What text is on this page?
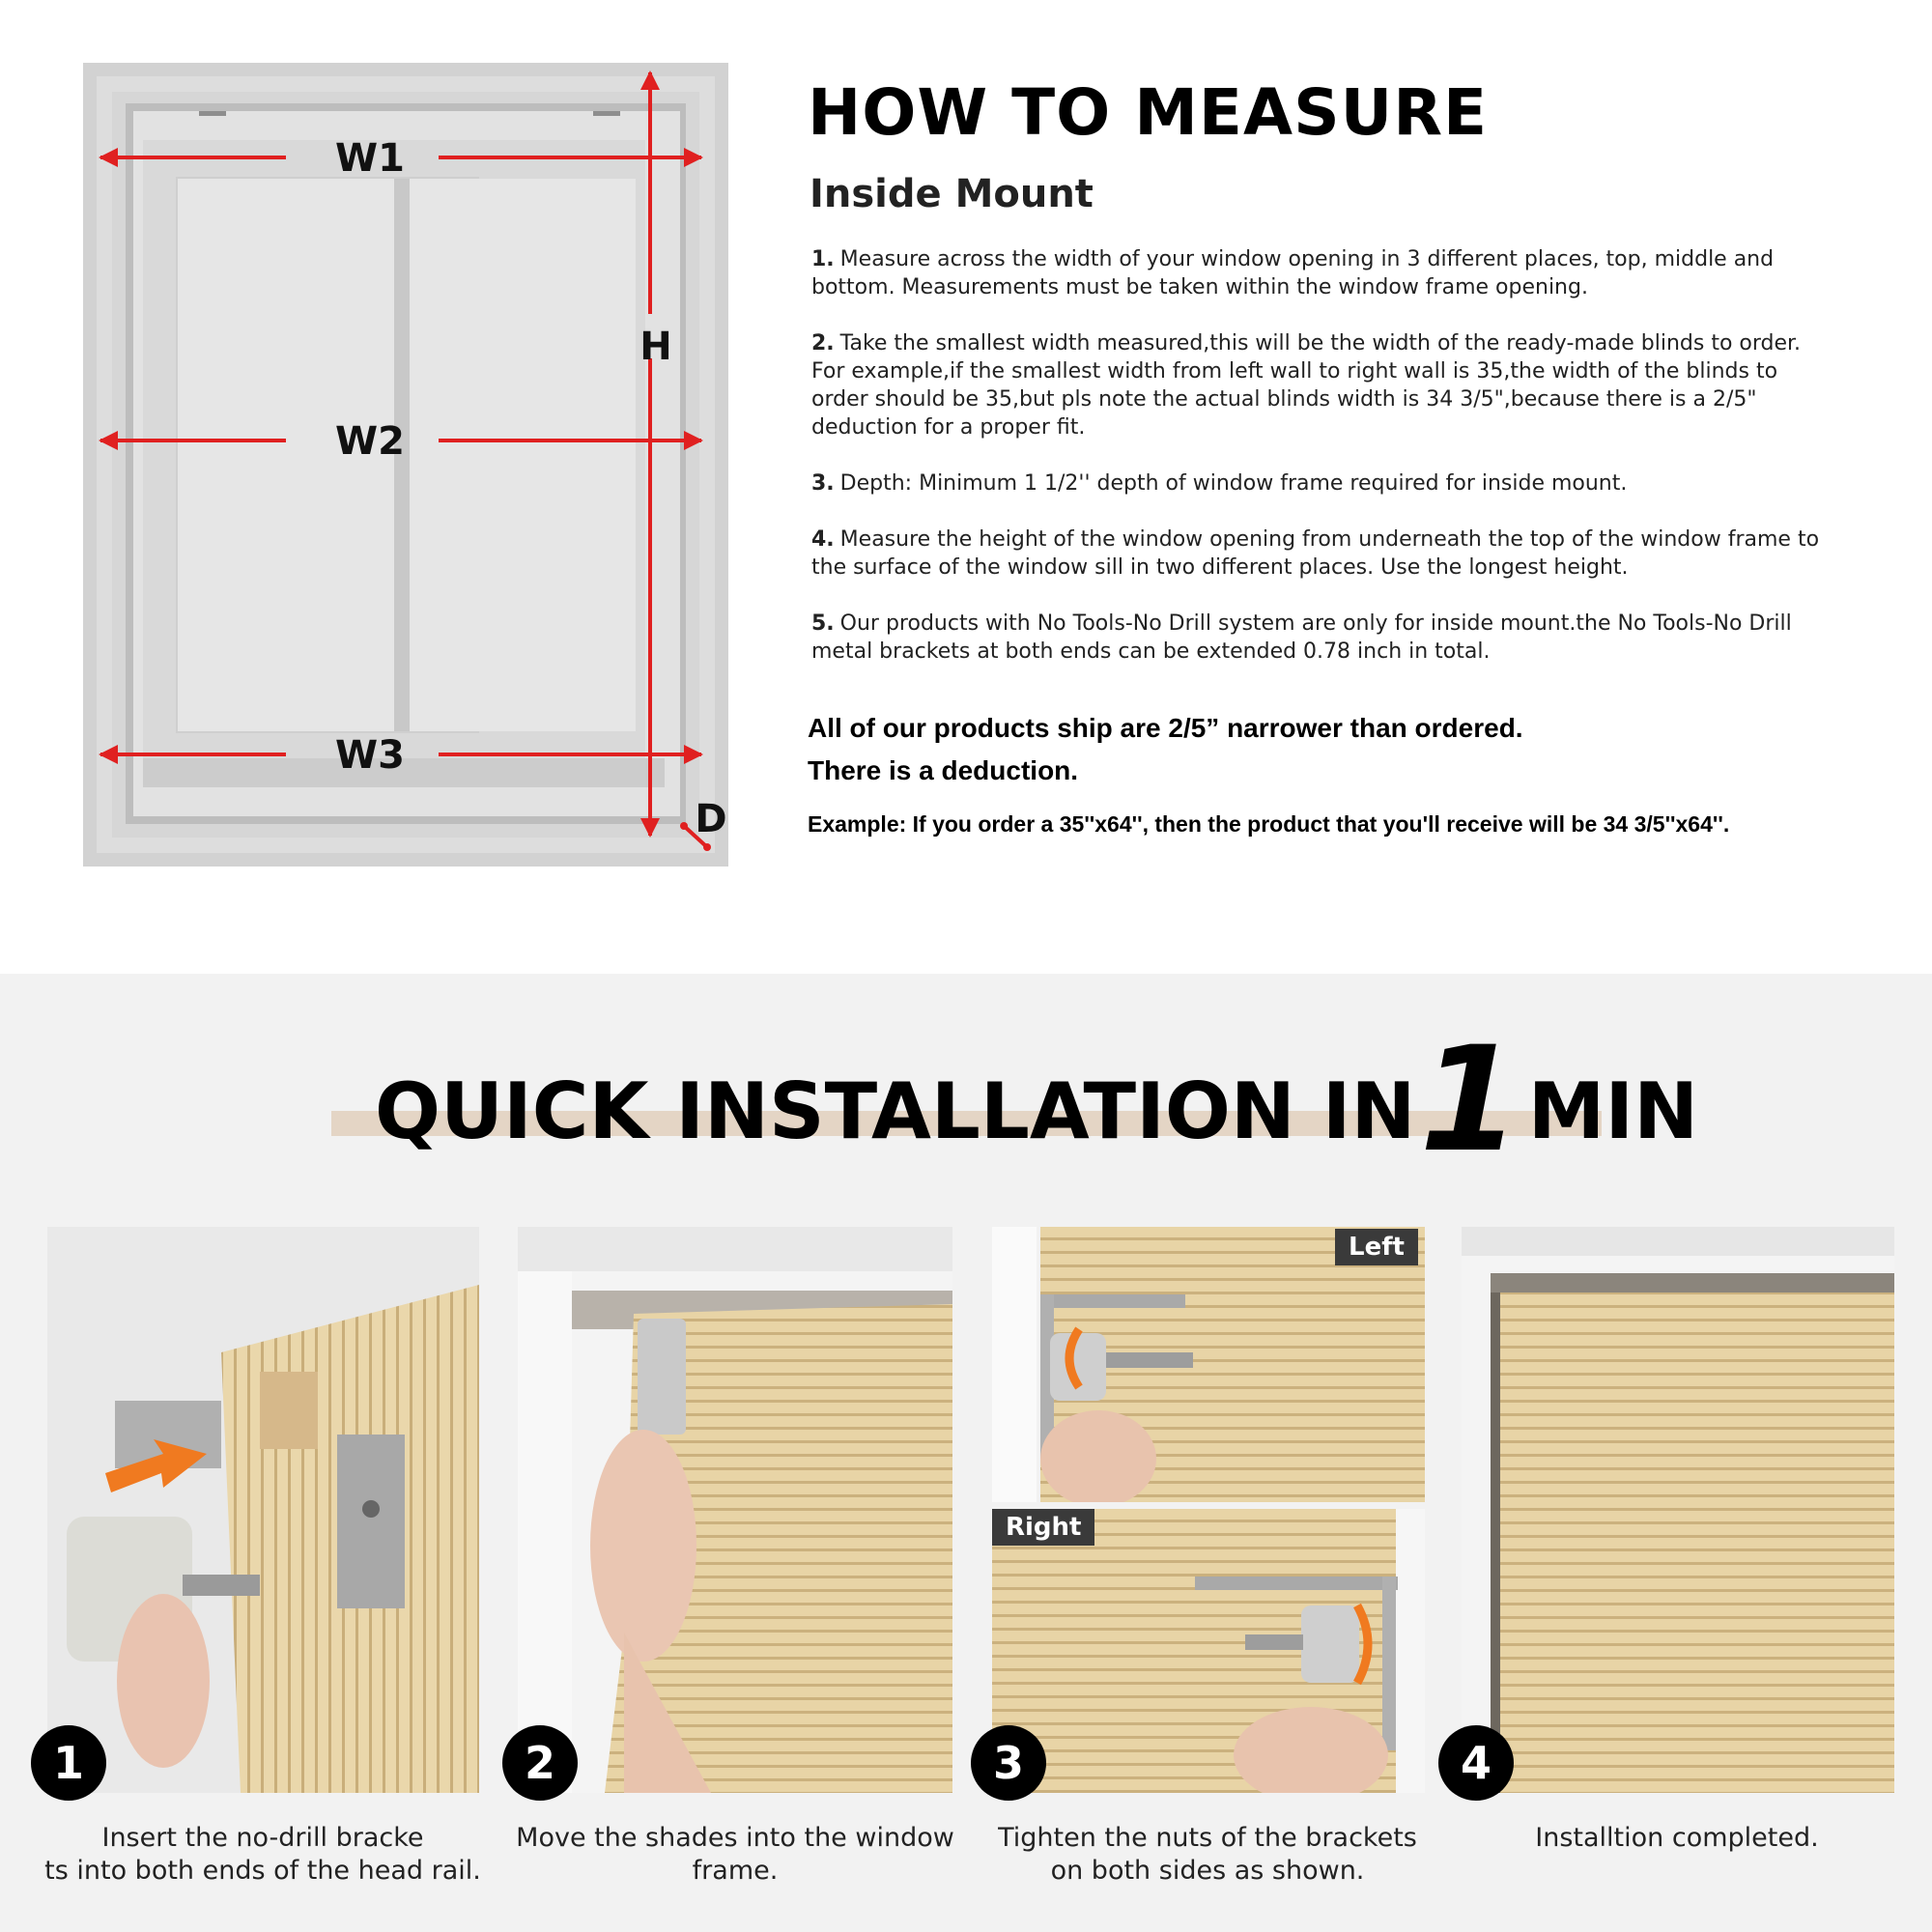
W1
W2
W3
H
D
HOW TO MEASURE
Inside Mount
1. Measure across the width of your window opening in 3 different places, top, middle and bottom. Measurements must be taken within the window frame opening.
2. Take the smallest width measured,this will be the width of the ready-made blinds to order. For example,if the smallest width from left wall to right wall is 35,the width of the blinds to order should be 35,but pls note the actual blinds width is 34 3/5",because there is a 2/5" deduction for a proper fit.
3. Depth: Minimum 1 1/2'' depth of window frame required for inside mount.
4. Measure the height of the window opening from underneath the top of the window frame to the surface of the window sill in two different places. Use the longest height.
5. Our products with No Tools-No Drill system are only for inside mount.the No Tools-No Drill metal brackets at both ends can be extended 0.78 inch in total.

All of our products ship are 2/5” narrower than ordered.

There is a deduction.

Example: If you order a 35''x64'', then the product that you'll receive will be 34 3/5''x64''.

QUICK INSTALLATION IN1 MIN
Left
Right
1	2	3	4

Insert the no-drill bracke
ts into both ends of the head rail.

Move the shades into the window
frame.

Tighten the nuts of the brackets
on both sides as shown.

Installtion completed.
